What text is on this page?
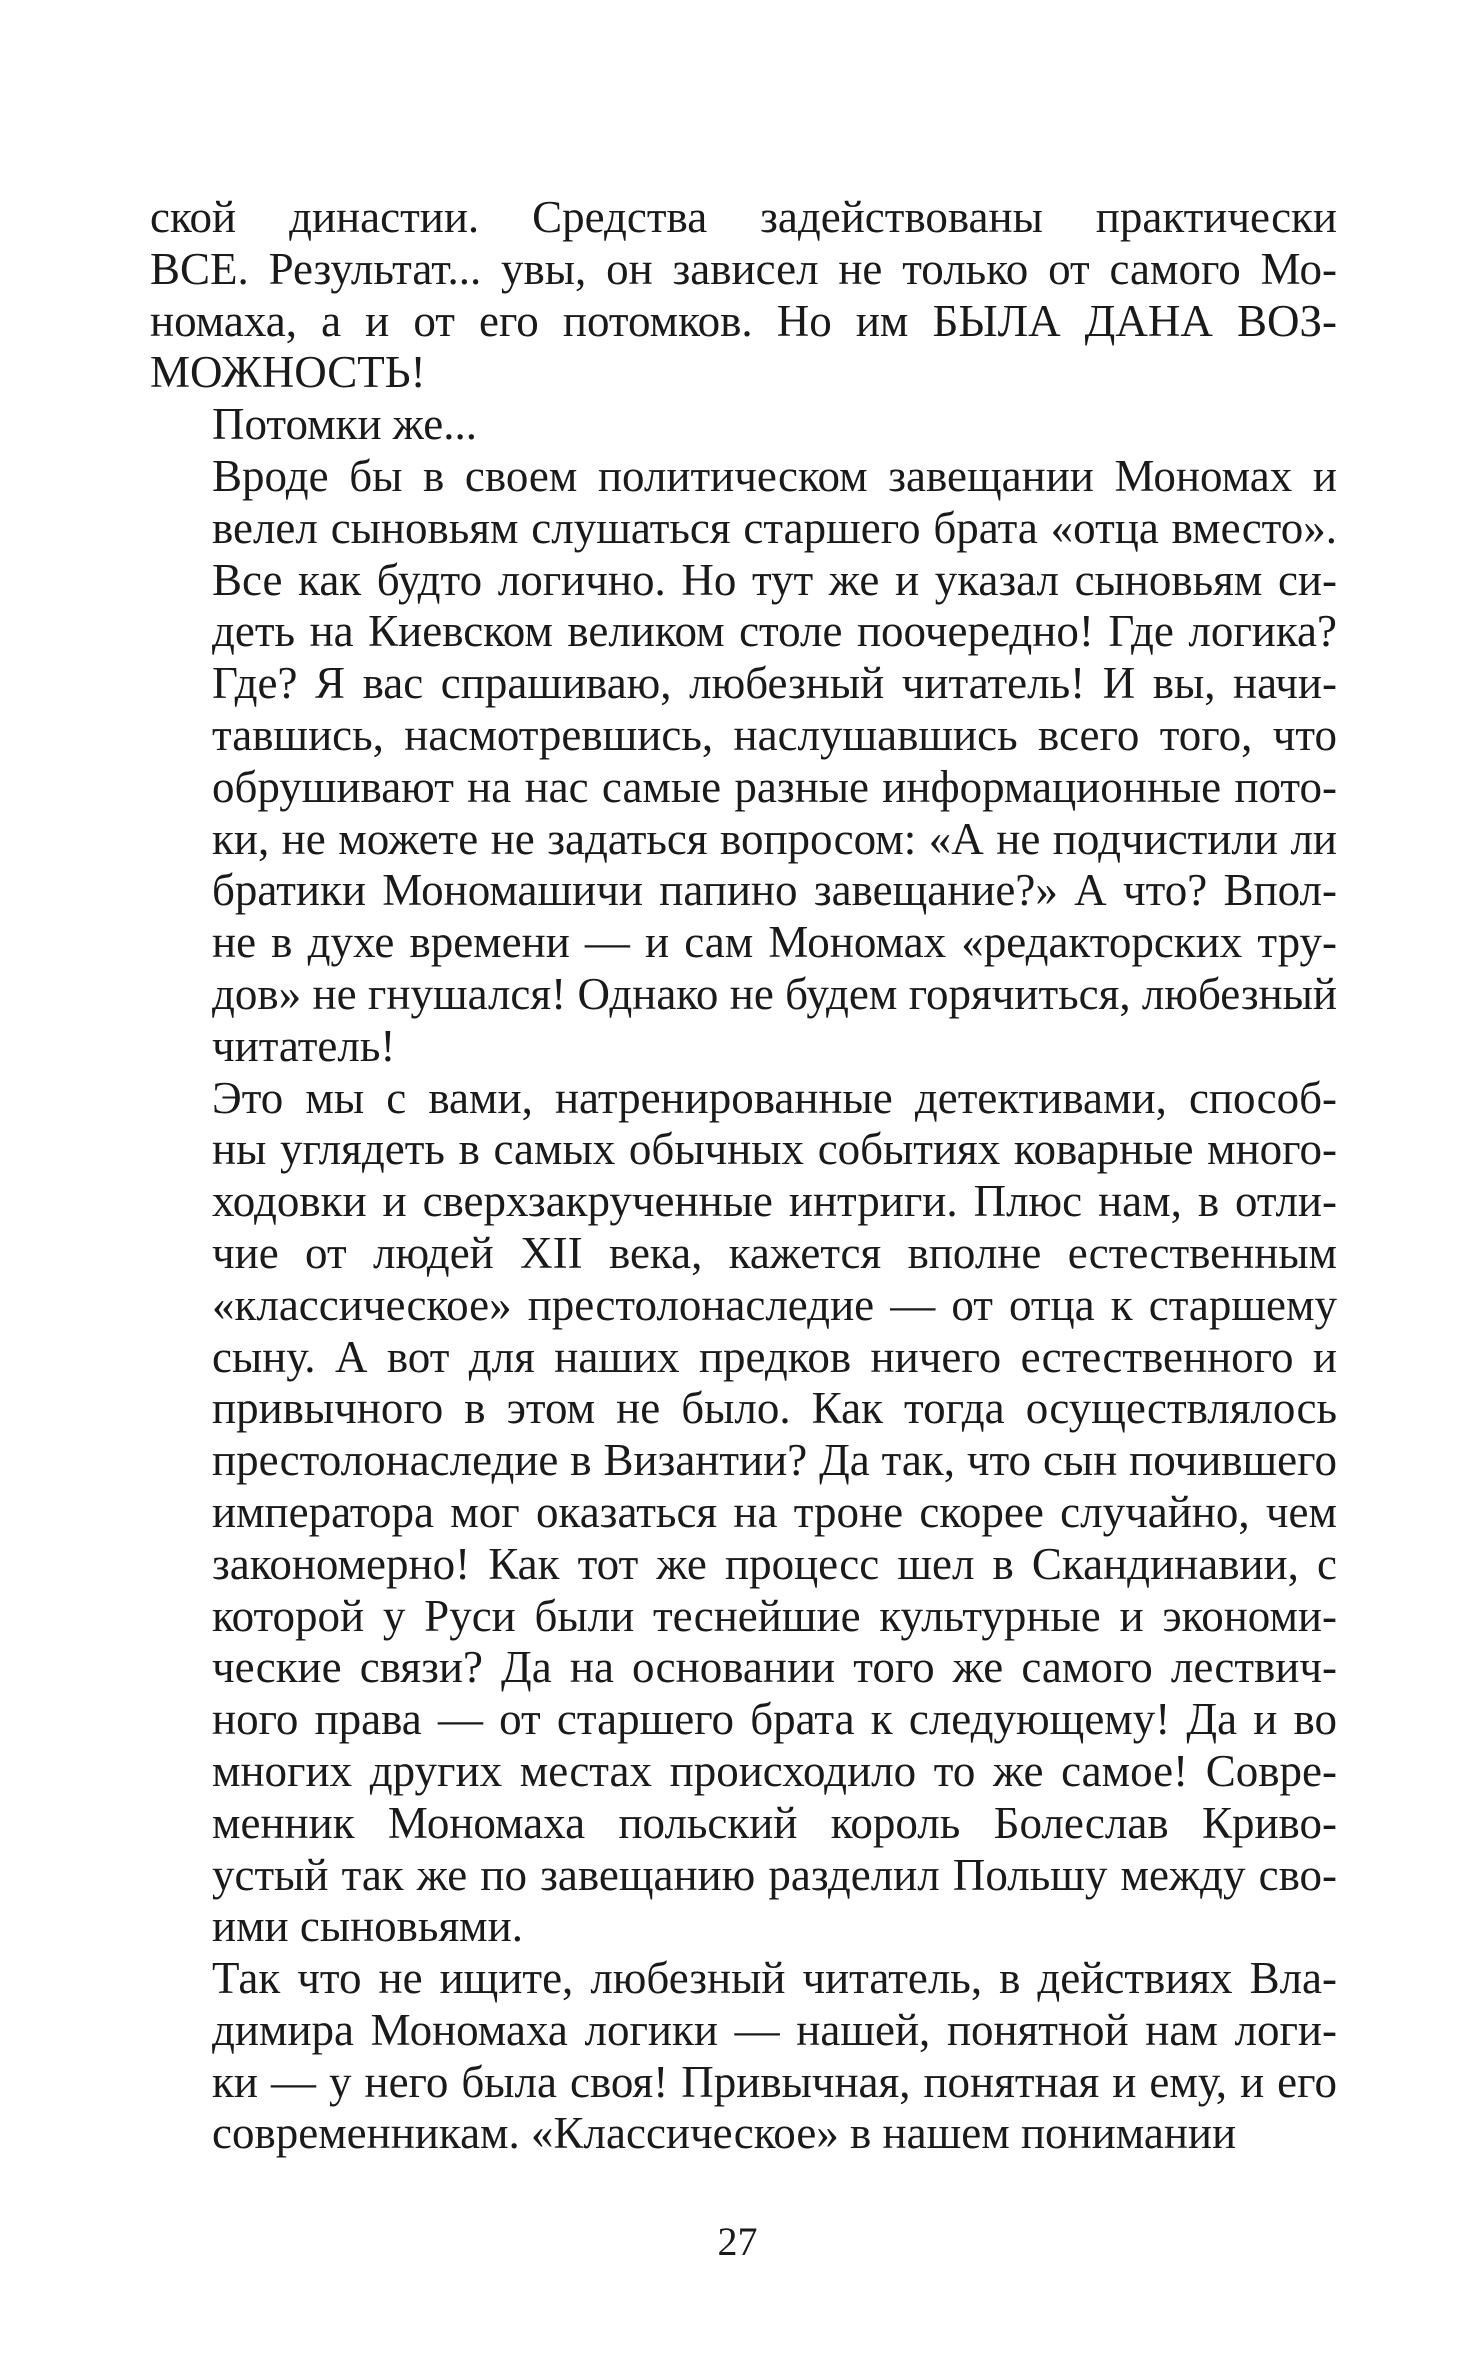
ской династии. Средства задействованы практически
ВСЕ. Результат... увы, он зависел не только от самого Мо-
номаха, а и от его потомков. Но им БЫЛА ДАНА ВОЗ-
МОЖНОСТЬ!

Потомки же...

Вроде бы в своем политическом завещании Мономах и
велел сыновьям слушаться старшего брата «отца вместо».
Все как будто логично. Но тут же и указал сыновьям си-
деть на Киевском великом столе поочередно! Где логика?
Где? Я вас спрашиваю, любезный читатель! И вы, начи-
тавшись, насмотревшись, наслушавшись всего того, что
обрушивают на нас самые разные информационные пото-
ки, не можете не задаться вопросом: «А не подчистили ли
братики Мономашичи папино завещание?» А что? Впол-
не в духе времени — и сам Мономах «редакторских тру-
дов» не гнушался! Однако не будем горячиться, любезный
читатель!

Это мы с вами, натренированные детективами, способ-
ны углядеть в самых обычных событиях коварные много-
ходовки и сверхзакрученные интриги. Плюс нам, в отли-
чие от людей XII века, кажется вполне естественным
«классическое» престолонаследие — от отца к старшему
сыну. А вот для наших предков ничего естественного и
привычного в этом не было. Как тогда осуществлялось
престолонаследие в Византии? Да так, что сын почившего
императора мог оказаться на троне скорее случайно, чем
закономерно! Как тот же процесс шел в Скандинавии, с
которой у Руси были теснейшие культурные и экономи-
ческие связи? Да на основании того же самого лествич-
ного права — от старшего брата к следующему! Да и во
многих других местах происходило то же самое! Совре-
менник Мономаха польский король Болеслав Криво-
устый так же по завещанию разделил Польшу между сво-
ими сыновьями.

Так что не ищите, любезный читатель, в действиях Вла-
димира Мономаха логики — нашей, понятной нам логи-
ки — у него была своя! Привычная, понятная и ему, и его
современникам. «Классическое» в нашем понимании

27
